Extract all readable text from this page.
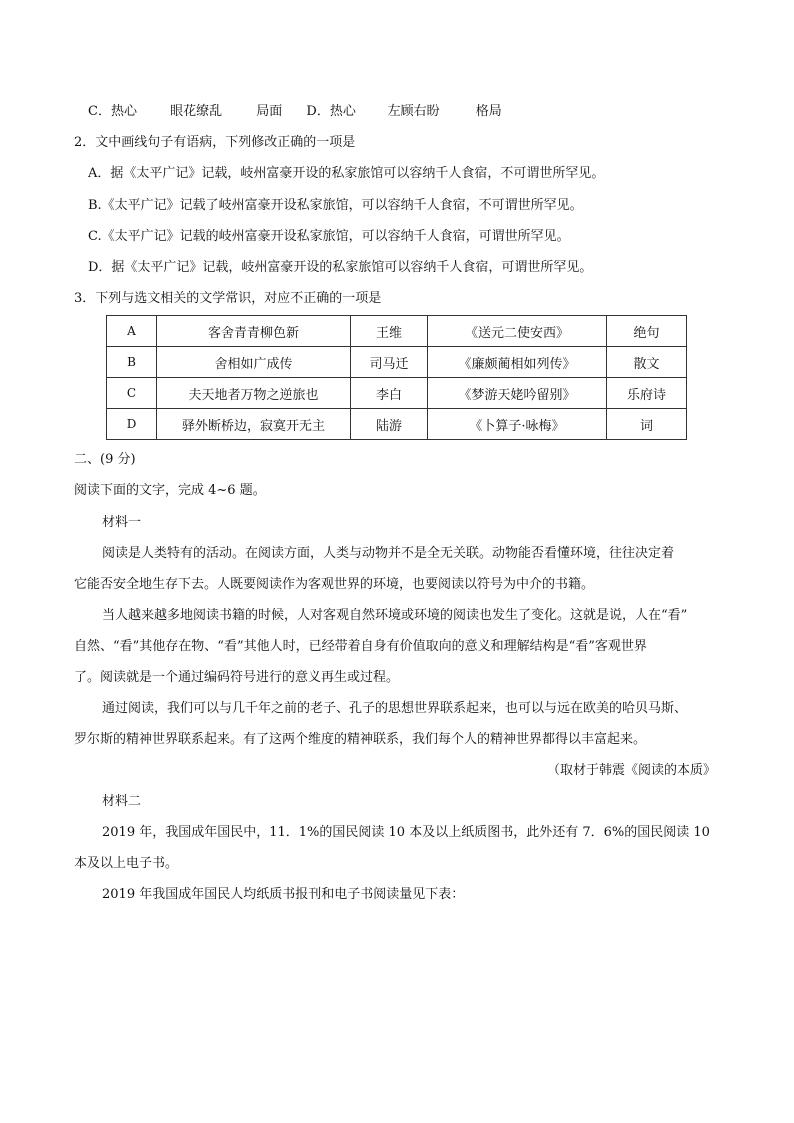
C．热心	眼花缭乱	局面 D．热心 左顾右盼	格局
2．文中画线句子有语病，下列修改正确的一项是
A．据《太平广记》记载，岐州富豪开设的私家旅馆可以容纳千人食宿，不可谓世所罕见。
B.《太平广记》记载了岐州富豪开设私家旅馆，可以容纳千人食宿，不可谓世所罕见。
C.《太平广记》记载的岐州富豪开设私家旅馆，可以容纳千人食宿，可谓世所罕见。
D．据《太平广记》记载，岐州富豪开设的私家旅馆可以容纳千人食宿，可谓世所罕见。
3．下列与选文相关的文学常识，对应不正确的一项是
A	客舍青青柳色新	王维	《送元二使安西》	绝句
B	舍相如广成传	司马迁	《廉颇蔺相如列传》	散文
C	夫天地者万物之逆旅也	李白	《梦游天姥吟留别》	乐府诗
D	驿外断桥边，寂寞开无主	陆游	《卜算子·咏梅》	词
二、(9 分)
阅读下面的文字，完成 4~6 题。
材料一
阅读是人类特有的活动。在阅读方面，人类与动物并不是全无关联。动物能否看懂环境，往往决定着
它能否安全地生存下去。人既要阅读作为客观世界的环境，也要阅读以符号为中介的书籍。
当人越来越多地阅读书籍的时候，人对客观自然环境或环境的阅读也发生了变化。这就是说，人在“看”
自然、“看”其他存在物、“看”其他人时，已经带着自身有价值取向的意义和理解结构是“看”客观世界
了。阅读就是一个通过编码符号进行的意义再生或过程。
通过阅读，我们可以与几千年之前的老子、孔子的思想世界联系起来，也可以与远在欧美的哈贝马斯、
罗尔斯的精神世界联系起来。有了这两个维度的精神联系，我们每个人的精神世界都得以丰富起来。
（取材于韩震《阅读的本质》
材料二
2019 年，我国成年国民中，11．1%的国民阅读 10 本及以上纸质图书，此外还有 7．6%的国民阅读 10
本及以上电子书。
2019 年我国成年国民人均纸质书报刊和电子书阅读量见下表：
